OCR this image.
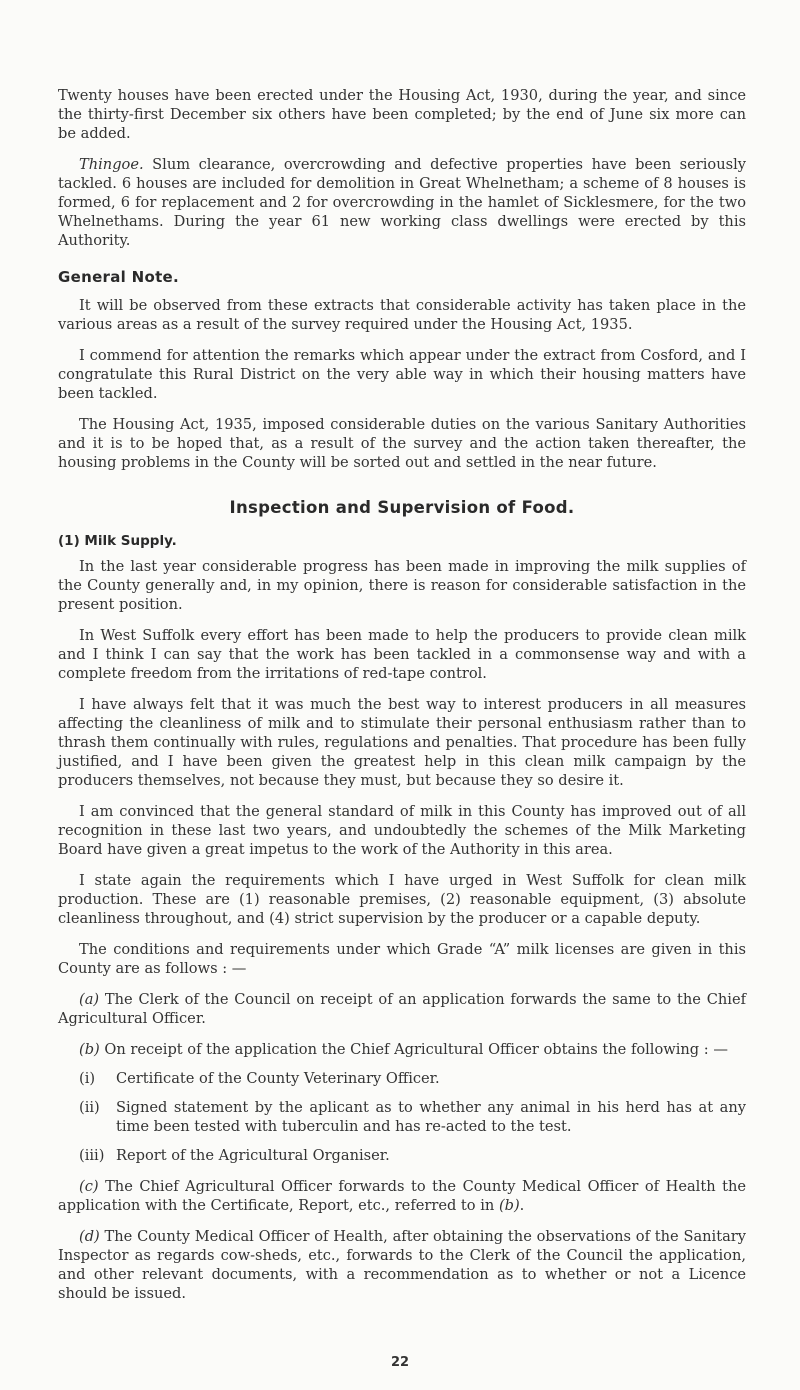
Twenty houses have been erected under the Housing Act, 1930, during the year, and since the thirty-first December six others have been completed; by the end of June six more can be added.

Thingoe. Slum clearance, overcrowding and defective properties have been seriously tackled. 6 houses are included for demolition in Great Whelnetham; a scheme of 8 houses is formed, 6 for replacement and 2 for overcrowding in the hamlet of Sicklesmere, for the two Whelnethams. During the year 61 new working class dwellings were erected by this Authority.

General Note.

It will be observed from these extracts that considerable activity has taken place in the various areas as a result of the survey required under the Housing Act, 1935.

I commend for attention the remarks which appear under the extract from Cosford, and I congratulate this Rural District on the very able way in which their housing matters have been tackled.

The Housing Act, 1935, imposed considerable duties on the various Sanitary Authorities and it is to be hoped that, as a result of the survey and the action taken thereafter, the housing problems in the County will be sorted out and settled in the near future.

Inspection and Supervision of Food.
(1) Milk Supply.

In the last year considerable progress has been made in improving the milk supplies of the County generally and, in my opinion, there is reason for considerable satisfaction in the present position.

In West Suffolk every effort has been made to help the producers to provide clean milk and I think I can say that the work has been tackled in a commonsense way and with a complete freedom from the irritations of red-tape control.

I have always felt that it was much the best way to interest producers in all measures affecting the cleanliness of milk and to stimulate their personal enthusiasm rather than to thrash them continually with rules, regulations and penalties. That procedure has been fully justified, and I have been given the greatest help in this clean milk campaign by the producers themselves, not because they must, but because they so desire it.

I am convinced that the general standard of milk in this County has improved out of all recognition in these last two years, and undoubtedly the schemes of the Milk Marketing Board have given a great impetus to the work of the Authority in this area.

I state again the requirements which I have urged in West Suffolk for clean milk production. These are (1) reasonable premises, (2) reasonable equipment, (3) absolute cleanliness throughout, and (4) strict supervision by the producer or a capable deputy.

The conditions and requirements under which Grade “A” milk licenses are given in this County are as follows : —

(a) The Clerk of the Council on receipt of an application forwards the same to the Chief Agricultural Officer.

(b) On receipt of the application the Chief Agricultural Officer obtains the following : —

(i)	Certificate of the County Veterinary Officer.
(ii)	Signed statement by the aplicant as to whether any animal in his herd has at any time been tested with tuberculin and has re-acted to the test.
(iii) Report of the Agricultural Organiser.

(c) The Chief Agricultural Officer forwards to the County Medical Officer of Health the application with the Certificate, Report, etc., referred to in (b).

(d) The County Medical Officer of Health, after obtaining the observations of the Sanitary Inspector as regards cow-sheds, etc., forwards to the Clerk of the Council the application, and other relevant documents, with a recommendation as to whether or not a Licence should be issued.

22
